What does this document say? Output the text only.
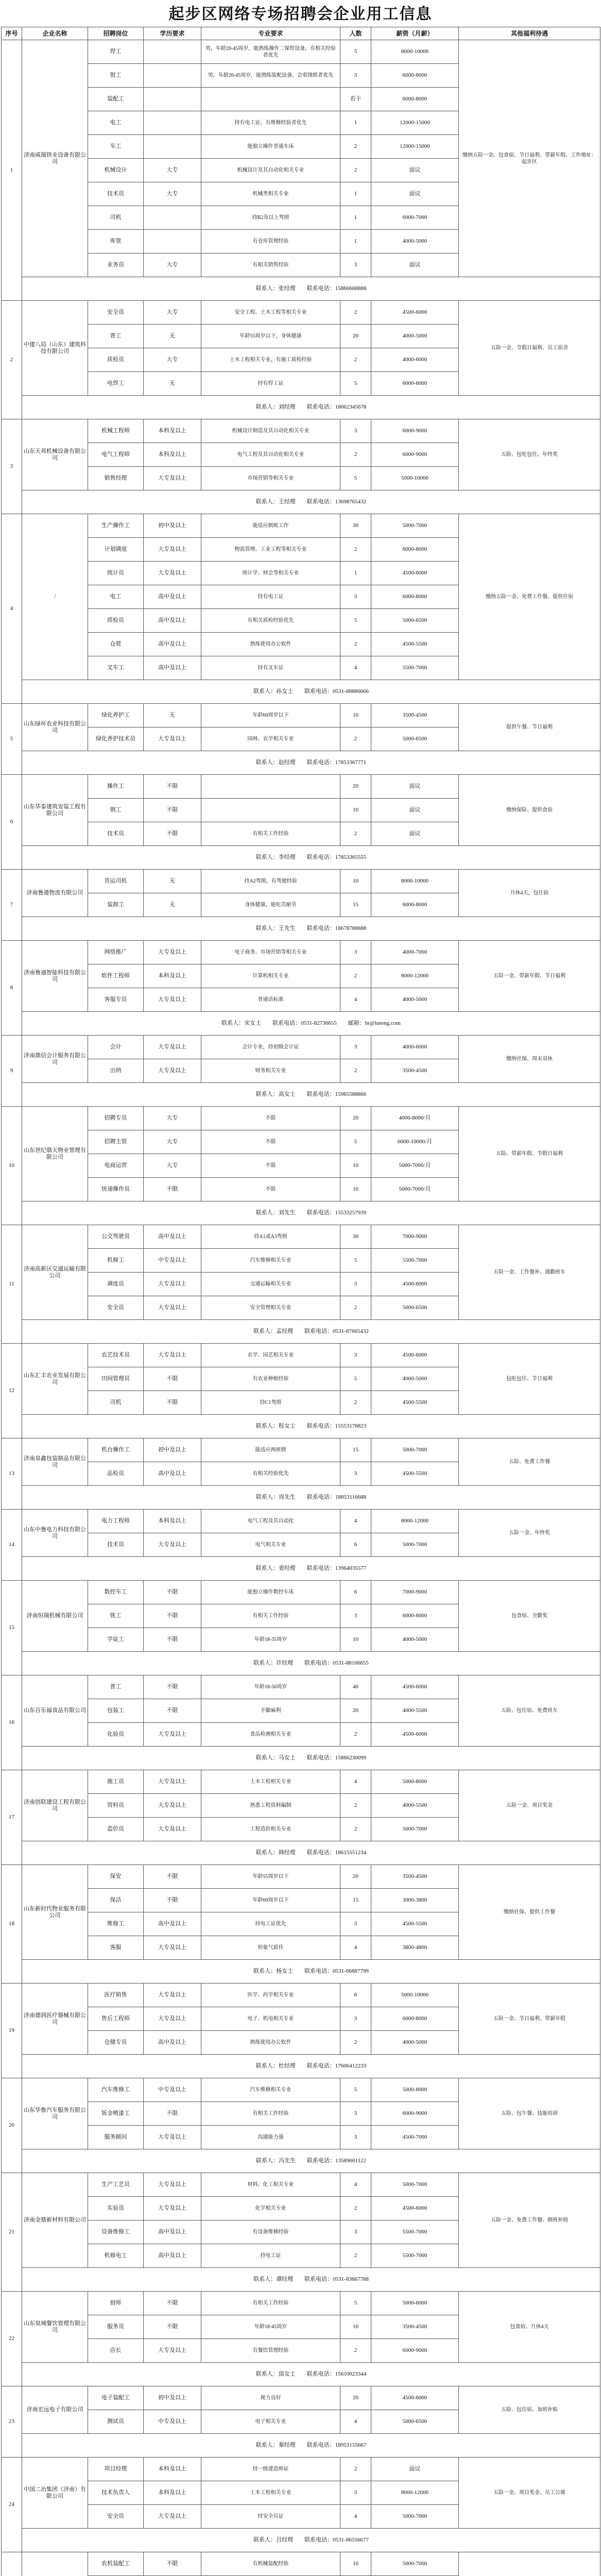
起步区网络专场招聘会企业用工信息
序号	企业名称	招聘岗位	学历要求	专业要求	人数	薪资（月薪）	其他福利待遇
1	济南威瑞铁业设备有限公司	焊工		男，年龄20-45周岁，能熟练操作二保焊设备，有相关经验者优先	5	8000-10000	缴纳五险一金、包食宿、节日福利、带薪年假、工作地址：起步区
		钳工		男，年龄20-45周岁，能熟练装配设备，会看图纸者优先	3	6000-8000	
		装配工			若干	6000-8000	
		电工		持有电工证，有维修经验者优先	1	12000-15000	
		车工		能独立操作普通车床	2	12000-15000	
		机械设计	大专	机械设计及其自动化相关专业	2	面议	
		技术员	大专	机械类相关专业	1	面议	
		司机		持B2及以上驾照	1	6000-7000	
		库管		有仓库管理经验	1	4000-5000	
		业务员	大专	有相关销售经验	3	面议	
	联系人：张经理　　联系电话：15866668888						
2	中建八局（山东）建筑科技有限公司	安全员	大专	安全工程、土木工程等相关专业	2	4500-6000	五险一金、节假日福利、员工宿舍
		普工	无	年龄55周岁以下，身体健康	20	4000-5000	
		质检员	大专	土木工程相关专业，有施工质检经验	2	4000-6000	
		电焊工	无	持有焊工证	5	6000-8000	
	联系人：刘经理　　联系电话：18062345678						
3	山东天邦机械设备有限公司	机械工程师	本科及以上	机械设计制造及其自动化相关专业	3	6000-9000	五险、包吃包住、年终奖
		电气工程师	本科及以上	电气工程及其自动化相关专业	2	6000-9000	
		销售经理	大专及以上	市场营销等相关专业	5	5000-10000	
	联系人：王经理　　联系电话：13698765432						
4	/	生产操作工	初中及以上	能适应倒班工作	30	5000-7000	缴纳五险一金、免费工作餐、提供住宿
		计划调度	大专及以上	物流管理、工业工程等相关专业	2	6000-8000	
		统计员	大专及以上	统计学、财会等相关专业	1	4500-6000	
		电工	高中及以上	持有电工证	3	6000-8000	
		质检员	高中及以上	有相关质检经验优先	5	5000-6500	
		仓管	高中及以上	熟练使用办公软件	2	4500-5500	
		叉车工	高中及以上	持有叉车证	4	5500-7000	
	联系人：孙女士　　联系电话：0531-88886666						
5	山东绿环农业科技有限公司	绿化养护工	无	年龄60周岁以下	10	3500-4500	提供午餐、节日福利
		绿化养护技术员	大专及以上	园林、农学相关专业	2	5000-6500	
	联系人：赵经理　　联系电话：17853367771						
6	山东华泰建筑安装工程有限公司	操作工	不限		20	面议	缴纳保险、提供食宿
		钢工	不限		10	面议	
		技术员	不限	有相关工作经验	2	面议	
	联系人：李经理　　联系电话：17853365555						
7	济南鲁港物流有限公司	货运司机	无	持A2驾照，有驾驶经验	10	8000-10000	月休4天，包住宿
		装卸工	无	身体健康，能吃苦耐劳	15	6000-8000	
	联系人：王先生　　联系电话：18678788888						
8	济南鲁通智能科技有限公司	网络推广	大专及以上	电子商务、市场营销等相关专业	3	4000-7000	五险一金、带薪年假、节日福利
		软件工程师	本科及以上	计算机相关专业	2	8000-12000	
		客服专员	大专及以上	普通话标准	4	4000-5000	
	联系人：宋女士　　联系电话：0531-82736655　　邮箱：hr@lutong.com						
9	济南鼎信会计服务有限公司	会计	大专及以上	会计专业，持初级会计证	3	4000-6000	缴纳社保、周末双休
		出纳	大专及以上	财务相关专业	2	3500-4500	
	联系人：高女士　　联系电话：15965588866						
10	山东世纪鼎天物业管理有限公司	招聘专员	大专	不限	20	4000-8000/月	五险、带薪年假、节假日福利
		招聘主管	大专	不限	5	6000-10000/月	
		电商运营	大专	不限	10	5000-7000/月	
		快递操作员	不限	不限	10	5000-7000/月	
	联系人：刘先生　　联系电话：15533257939						
11	济南高新区交通运输有限公司	公交驾驶员	高中及以上	持A1或A3驾照	30	7000-9000	五险一金、工作餐补、通勤班车
		机修工	中专及以上	汽车维修相关专业	5	5500-7000	
		调度员	大专及以上	交通运输相关专业	3	4500-6000	
		安全员	大专及以上	安全管理相关专业	2	5000-6500	
	联系人：孟经理　　联系电话：0531-87665432						
12	山东汇丰农业发展有限公司	农艺技术员	大专及以上	农学、园艺相关专业	3	4500-6000	包吃包住、节日福利
		田间管理员	不限	有农业种植经验	5	4000-5000	
		司机	不限	持C1驾照	2	4500-5500	
	联系人：程女士　　联系电话：15553178823						
13	济南泉鑫包装制品有限公司	机台操作工	初中及以上	能适应两班倒	15	5000-7000	五险、免费工作餐
		品检员	高中及以上	有相关经验优先	3	4500-5500	
	联系人：周先生　　联系电话：18853116688						
14	山东中鲁电力科技有限公司	电力工程师	本科及以上	电气工程及其自动化	4	8000-12000	五险一金、年终奖
		技术员	大专及以上	电气相关专业	6	5000-7000	
	联系人：姜经理　　联系电话：13964035577						
15	济南恒瑞机械有限公司	数控车工	不限	能独立操作数控车床	6	7000-9000	包食宿、全勤奖
		铣工	不限	有相关工作经验	3	6000-8000	
		学徒工	不限	年龄18-35周岁	10	4000-5000	
	联系人：许经理　　联系电话：0531-88106655						
16	山东百乐福食品有限公司	普工	不限	年龄18-50周岁	40	4500-6000	五险、包住宿、免费班车
		包装工	不限	手脚麻利	20	4000-5500	
		化验员	大专及以上	食品检测相关专业	2	4500-6000	
	联系人：马女士　　联系电话：15866230099						
17	济南创联建设工程有限公司	施工员	大专及以上	土木工程相关专业	4	5000-8000	五险一金、项目奖金
		资料员	大专及以上	熟悉工程资料编制	2	4000-5500	
		造价员	大专及以上	工程造价相关专业	2	5000-7000	
	联系人：韩经理　　联系电话：18615551234						
18	山东新时代物业服务有限公司	保安	不限	年龄55周岁以下	20	3500-4500	缴纳社保、提供工作餐
		保洁	不限	年龄60周岁以下	15	3000-3800	
		维修工	高中及以上	持电工证优先	3	4500-5500	
		客服	大专及以上	形象气质佳	4	3800-4800	
	联系人：杨女士　　联系电话：0531-66887799						
19	济南德润医疗器械有限公司	医疗销售	大专及以上	医学、药学相关专业	6	5000-10000	五险一金、节日福利、带薪年假
		售后工程师	大专及以上	电子、机电相关专业	3	6000-8000	
		仓储专员	高中及以上	熟练使用办公软件	2	4000-5000	
	联系人：杜经理　　联系电话：17606412233						
20	山东华鲁汽车服务有限公司	汽车维修工	中专及以上	汽车维修相关专业	5	5000-8000	五险、包午餐、技能培训
		钣金喷漆工	不限	有相关工作经验	3	6000-9000	
		服务顾问	大专及以上	沟通能力强	3	4500-7000	
	联系人：冯先生　　联系电话：13589001122						
21	济南金鼎新材料有限公司	生产工艺员	大专及以上	材料、化工相关专业	4	5000-7000	五险一金、免费工作餐、倒班补助
		实验员	大专及以上	化学相关专业	2	4500-6000	
		设备维修工	高中及以上	有设备维修经验	3	5500-7000	
		机修电工	高中及以上	持电工证	2	5500-7000	
	联系人：谭经理　　联系电话：0531-83667788						
22	山东泉城餐饮管理有限公司	厨师	不限	有相关工作经验	5	5000-8000	包食宿、月休4天
		服务员	不限	年龄18-45周岁	10	3500-4500	
		店长	大专及以上	有餐饮管理经验	2	6000-9000	
	联系人：邱女士　　联系电话：15610023344						
23	济南宏远电子有限公司	电子装配工	初中及以上	视力良好	20	4500-6000	五险、包住宿、加班补贴
		测试员	中专及以上	电子相关专业	4	5000-6500	
	联系人：秦经理　　联系电话：18953155667						
24	中国二冶集团（济南）有限公司	项目经理	本科及以上	持一级建造师证	2	面议	五险一金、项目奖金、员工公寓
		技术负责人	本科及以上	土木工程相关专业	3	8000-12000	
		安全员	大专及以上	持安全员证	4	5000-7000	
	联系人：吕经理　　联系电话：0531-86556677						
		农机装配工	不限	有机械装配经验	10	5000-7000	
